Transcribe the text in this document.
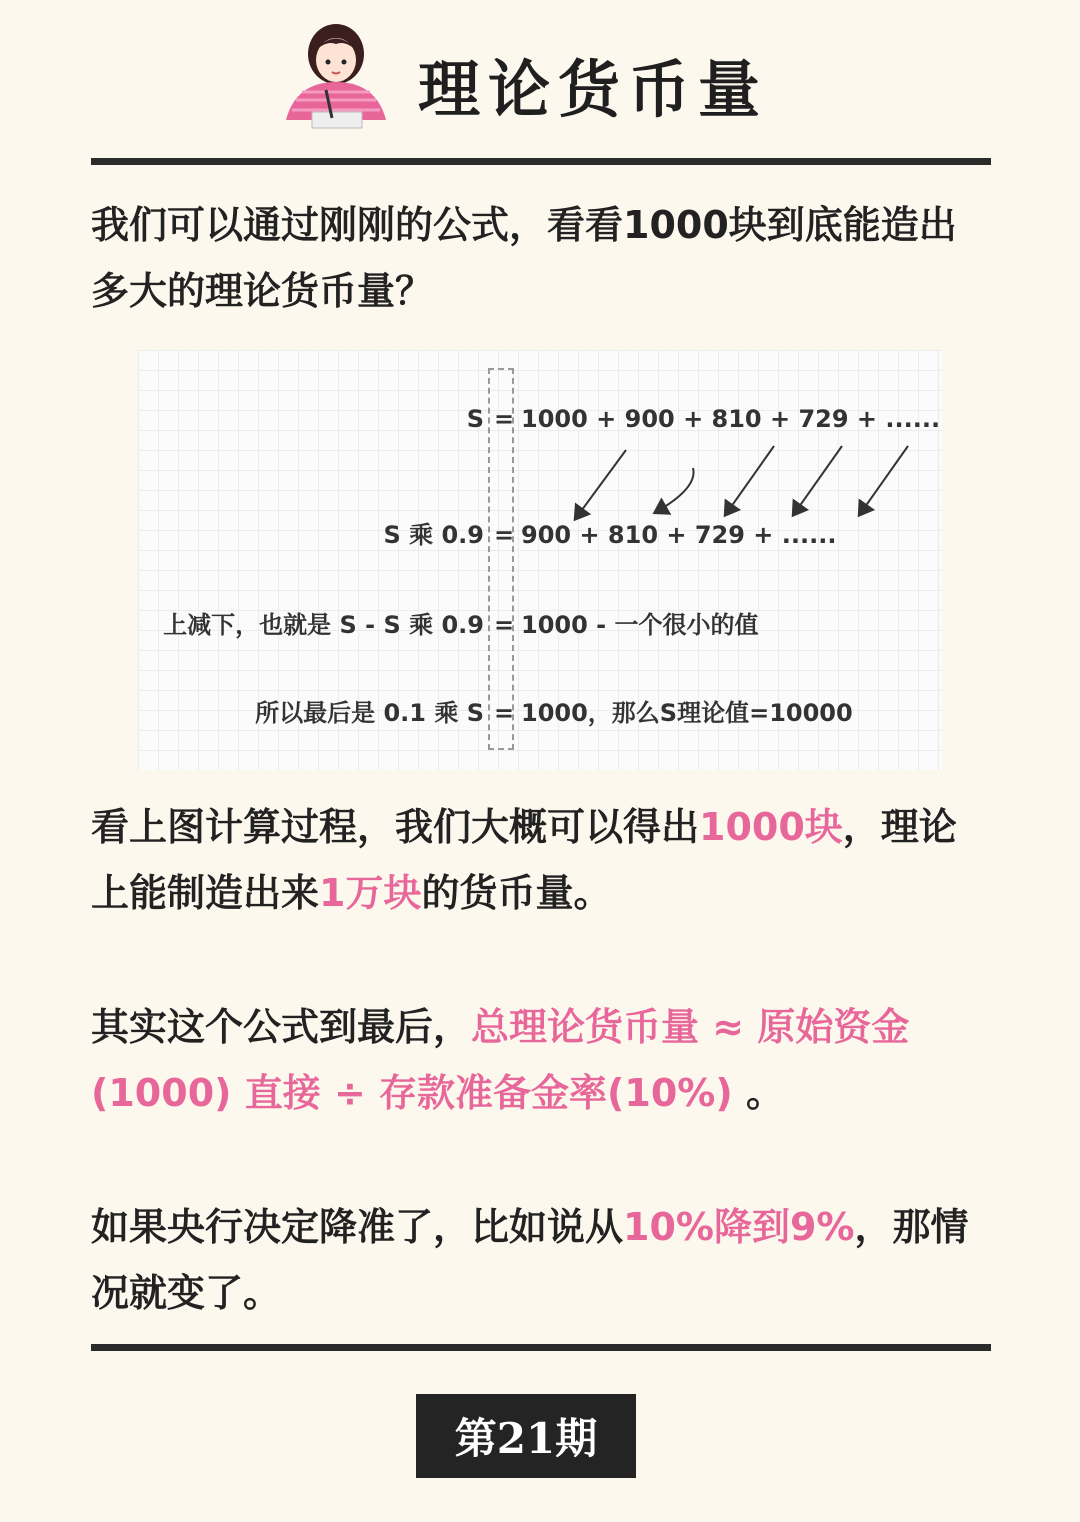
理论货币量
我们可以通过刚刚的公式，看看1000块到底能造出多大的理论货币量？
S = 1000 + 900 + 810 + 729 + ......
S 乘 0.9 = 900 + 810 + 729 + ......
上减下，也就是 S - S 乘 0.9 = 1000 - 一个很小的值
所以最后是 0.1 乘 S = 1000，那么S理论值=10000
看上图计算过程，我们大概可以得出1000块，理论上能制造出来1万块的货币量。
其实这个公式到最后，总理论货币量 ≈ 原始资金(1000) 直接 ÷ 存款准备金率(10%) 。
如果央行决定降准了，比如说从10%降到9%，那情况就变了。
第21期
